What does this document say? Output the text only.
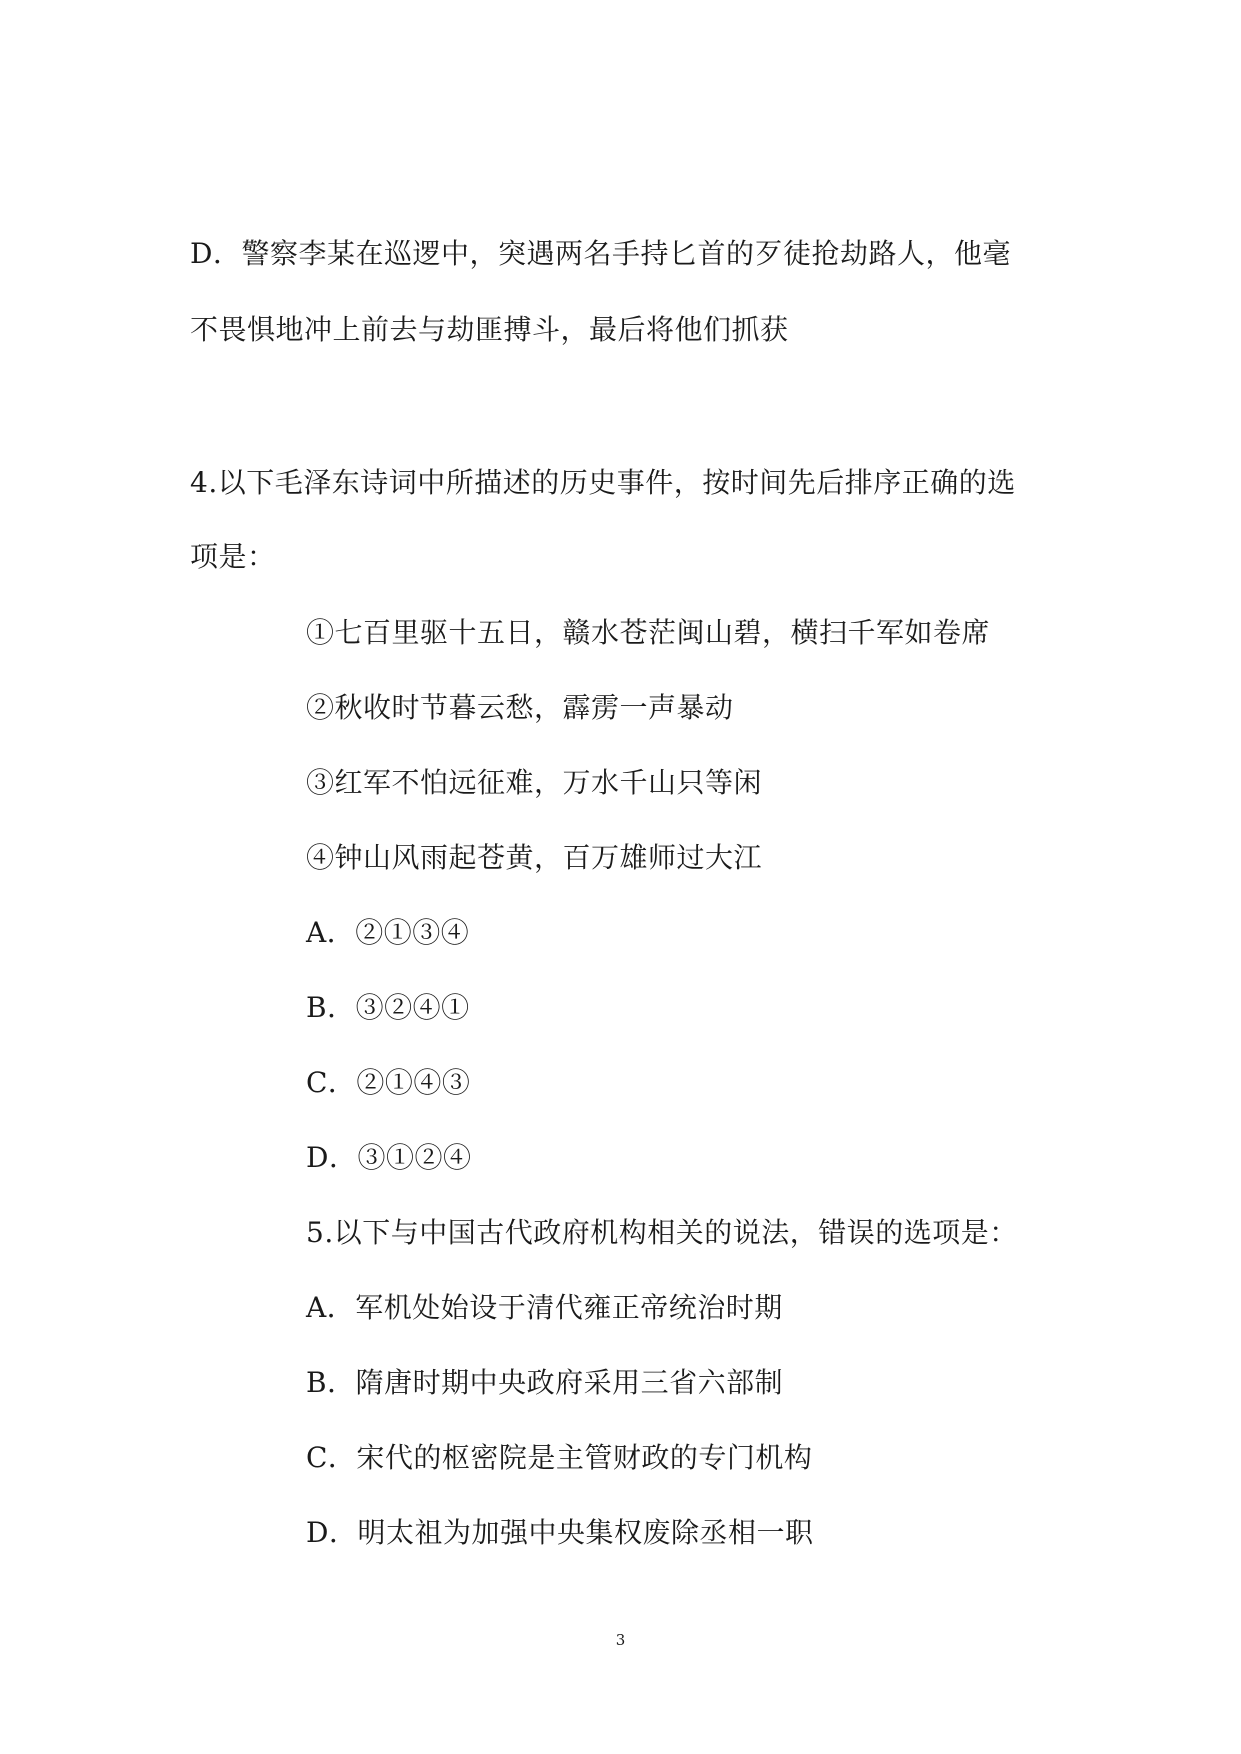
D．警察李某在巡逻中，突遇两名手持匕首的歹徒抢劫路人，他毫
不畏惧地冲上前去与劫匪搏斗，最后将他们抓获
4.以下毛泽东诗词中所描述的历史事件，按时间先后排序正确的选
项是：
①七百里驱十五日，赣水苍茫闽山碧，横扫千军如卷席
②秋收时节暮云愁，霹雳一声暴动
③红军不怕远征难，万水千山只等闲
④钟山风雨起苍黄，百万雄师过大江
A．②①③④
B．③②④①
C．②①④③
D．③①②④
5.以下与中国古代政府机构相关的说法，错误的选项是：
A．军机处始设于清代雍正帝统治时期
B．隋唐时期中央政府采用三省六部制
C．宋代的枢密院是主管财政的专门机构
D．明太祖为加强中央集权废除丞相一职
3
